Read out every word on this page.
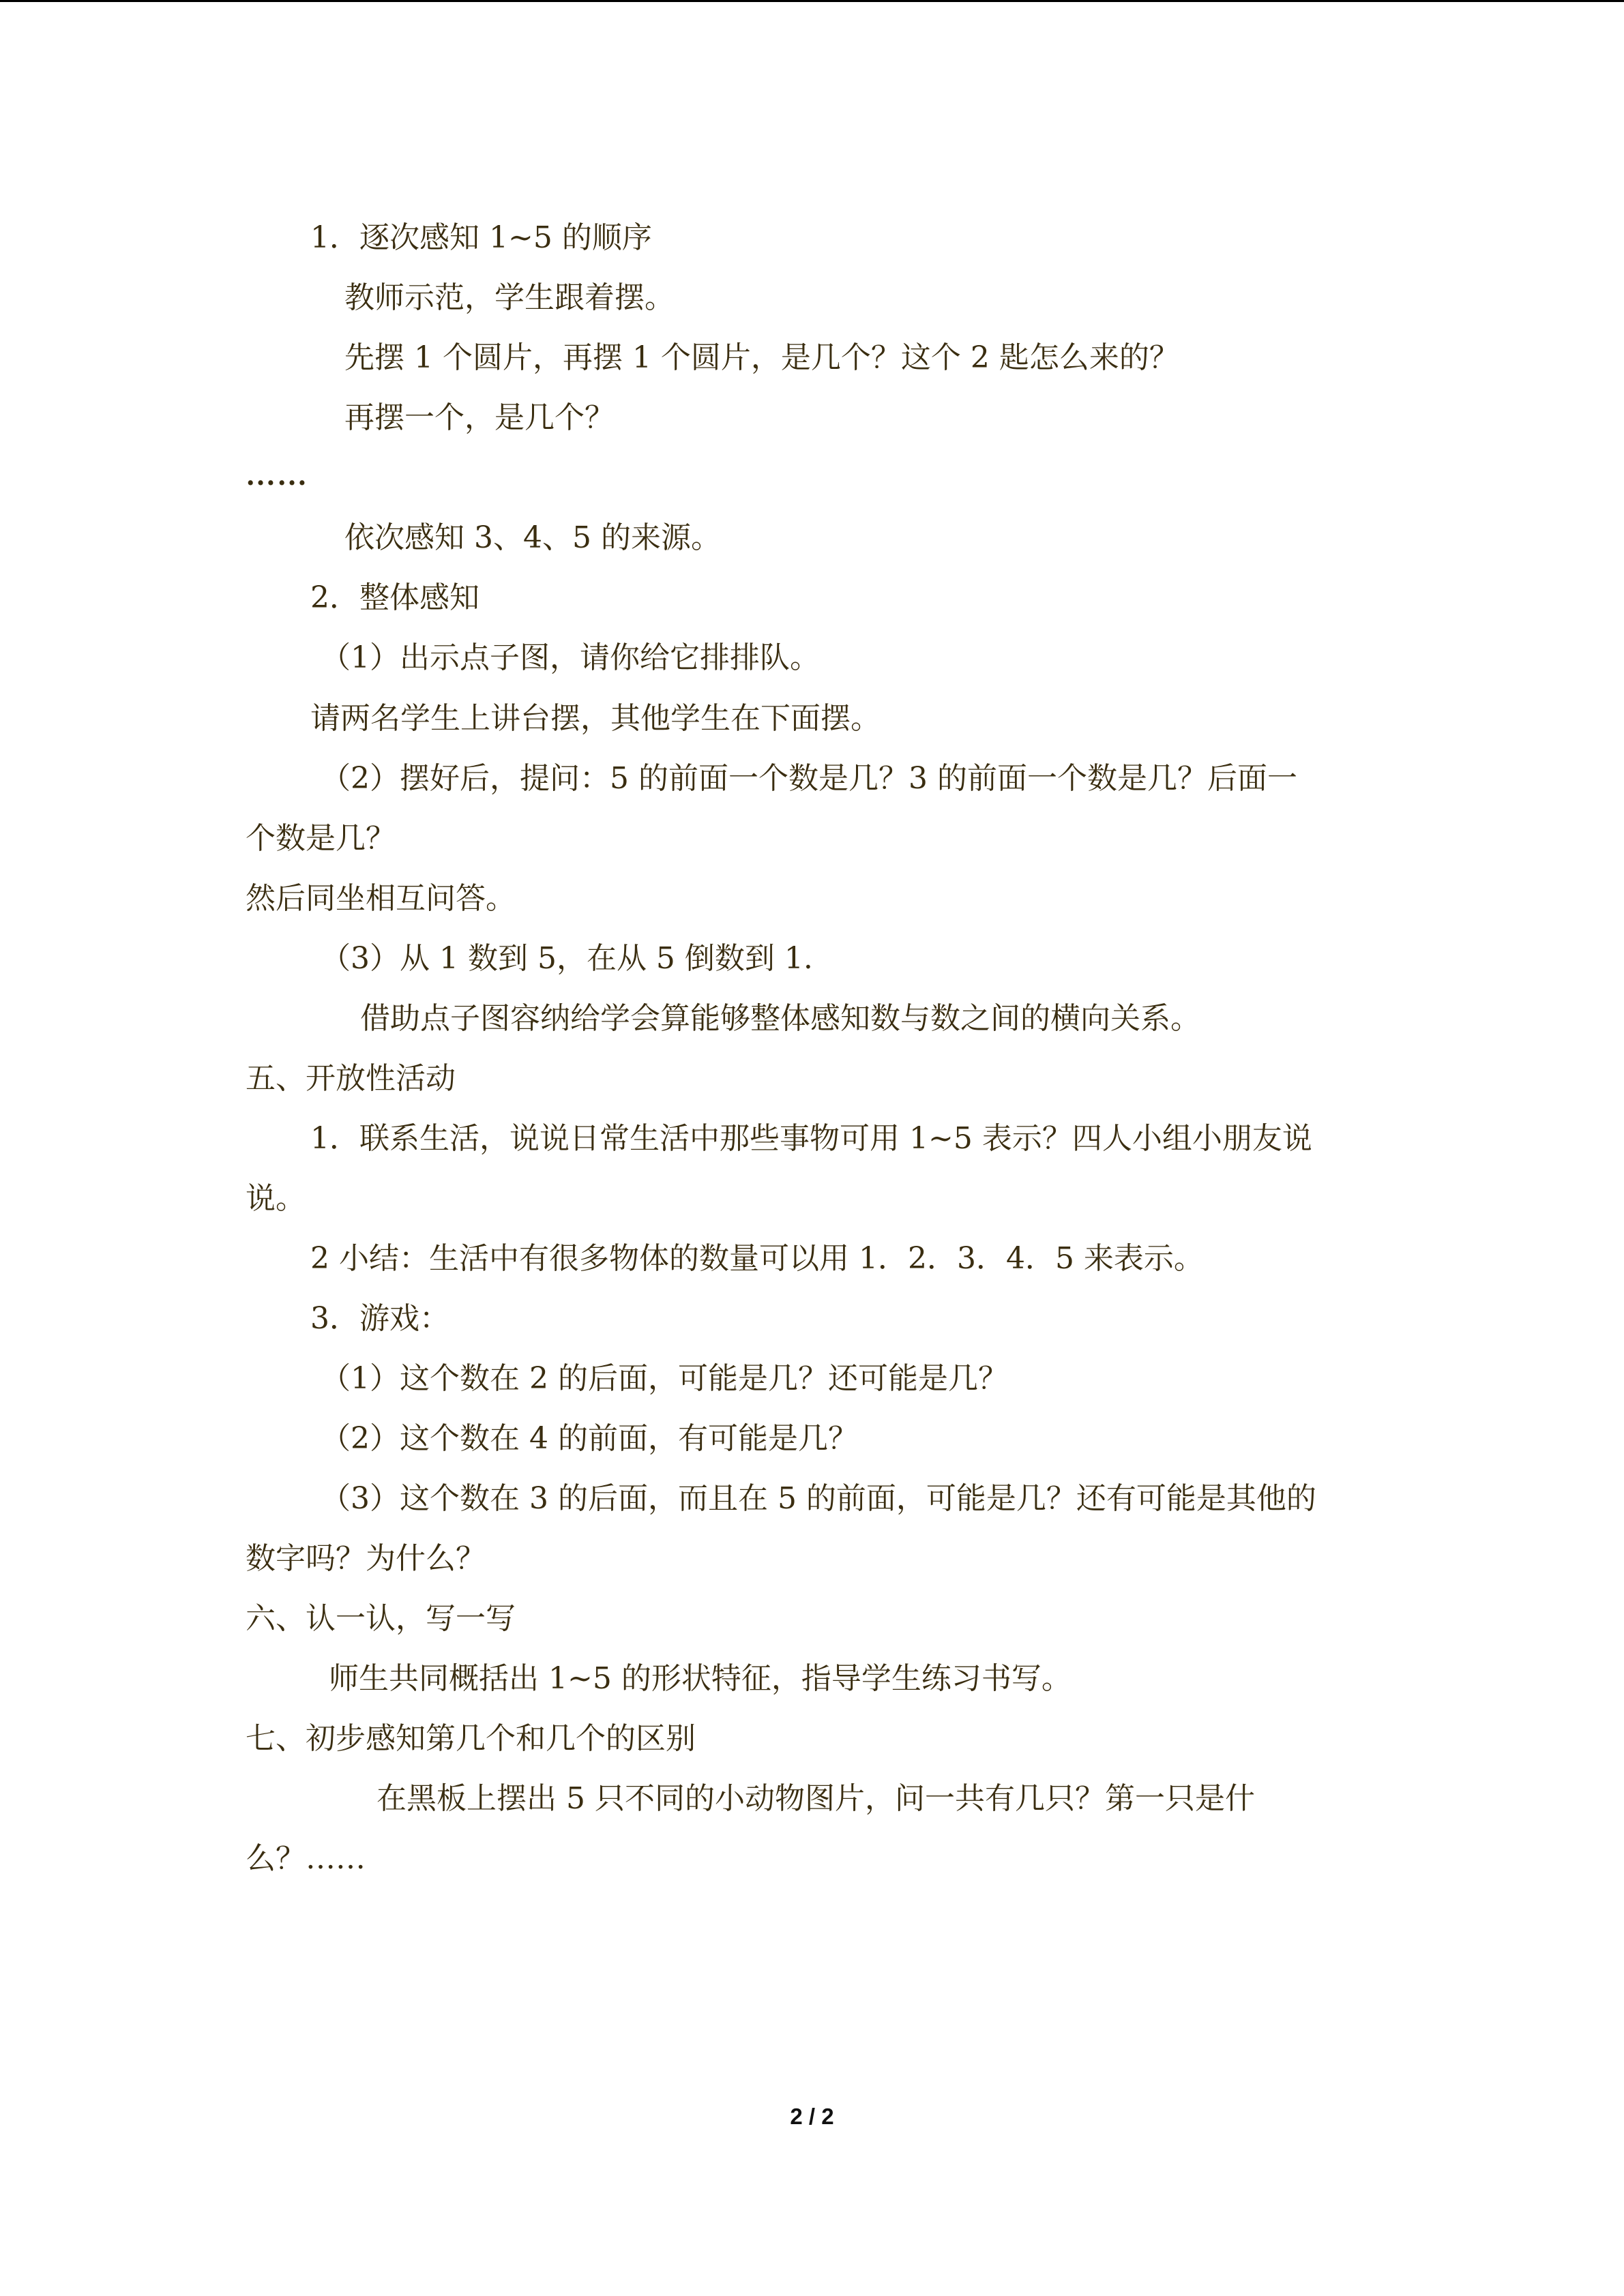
1．逐次感知 1~5 的顺序
教师示范，学生跟着摆。
先摆 1 个圆片，再摆 1 个圆片，是几个？这个 2 匙怎么来的？
再摆一个，是几个？
……
依次感知 3、4、5 的来源。
2．整体感知
（1）出示点子图，请你给它排排队。
请两名学生上讲台摆，其他学生在下面摆。
（2）摆好后，提问：5 的前面一个数是几？3 的前面一个数是几？后面一
个数是几？
然后同坐相互问答。
（3）从 1 数到 5，在从 5 倒数到 1.
借助点子图容纳给学会算能够整体感知数与数之间的横向关系。
五、开放性活动
1．联系生活，说说日常生活中那些事物可用 1~5 表示？四人小组小朋友说
说。
2 小结：生活中有很多物体的数量可以用 1．2．3．4．5 来表示。
3．游戏：
（1）这个数在 2 的后面，可能是几？还可能是几？
（2）这个数在 4 的前面，有可能是几？
（3）这个数在 3 的后面，而且在 5 的前面，可能是几？还有可能是其他的
数字吗？为什么？
六、认一认，写一写
师生共同概括出 1~5 的形状特征，指导学生练习书写。
七、初步感知第几个和几个的区别
在黑板上摆出 5 只不同的小动物图片，问一共有几只？第一只是什
么？……
2 / 2
